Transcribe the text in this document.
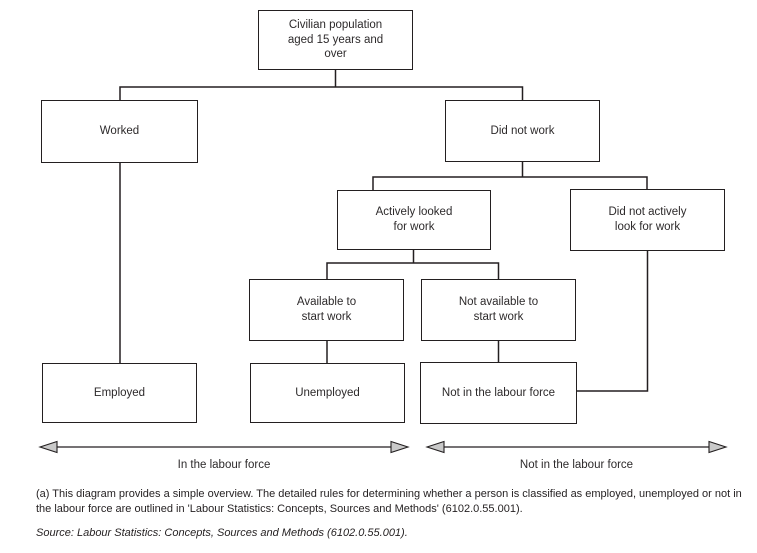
Civilian population aged 15 years and over
Worked	Did not work
Actively looked for work
Did not actively look for work
Available to start work
Not available to start work
Employed	Unemployed	Not in the labour force
In the labour force	Not in the labour force
(a) This diagram provides a simple overview. The detailed rules for determining whether a person is classified as employed, unemployed or not in the labour force are outlined in 'Labour Statistics: Concepts, Sources and Methods' (6102.0.55.001).
Source: Labour Statistics: Concepts, Sources and Methods (6102.0.55.001).
